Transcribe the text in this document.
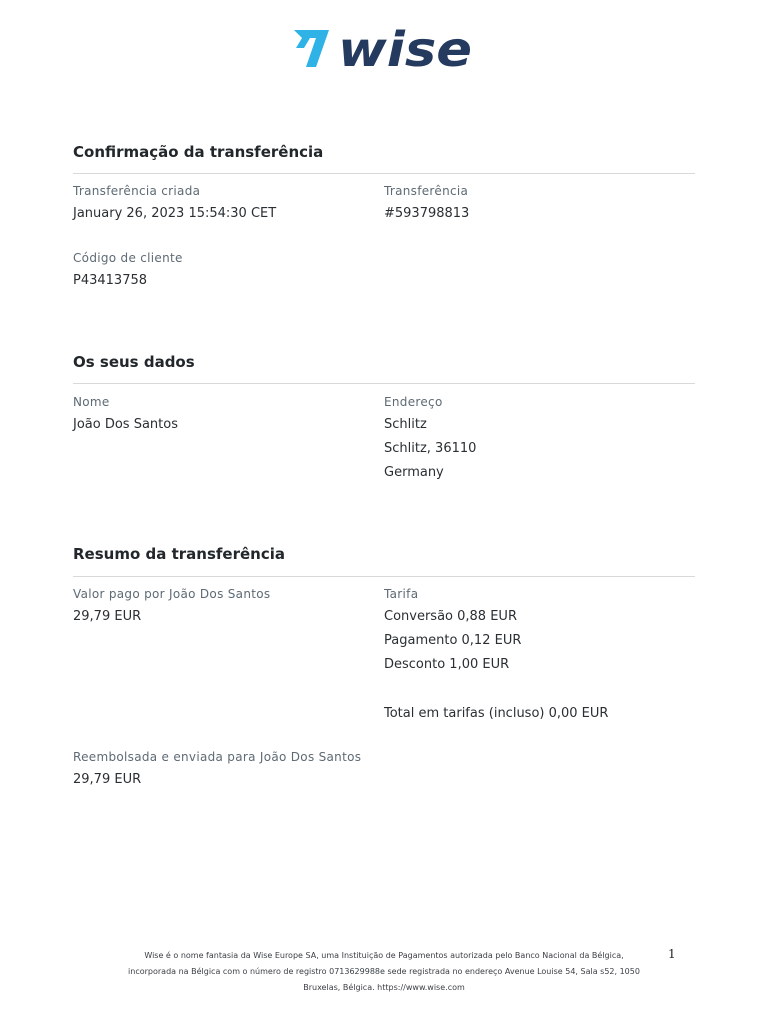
wise
Confirmação da transferência
Transferência criada
January 26, 2023 15:54:30 CET
Transferência
#593798813
Código de cliente
P43413758
Os seus dados
Nome
João Dos Santos
Endereço
Schlitz
Schlitz, 36110
Germany
Resumo da transferência
Valor pago por João Dos Santos
29,79 EUR
Tarifa
Conversão 0,88 EUR
Pagamento 0,12 EUR
Desconto 1,00 EUR
Total em tarifas (incluso) 0,00 EUR
Reembolsada e enviada para João Dos Santos
29,79 EUR
Wise é o nome fantasia da Wise Europe SA, uma Instituição de Pagamentos autorizada pelo Banco Nacional da Bélgica,
incorporada na Bélgica com o número de registro 0713629988e sede registrada no endereço Avenue Louise 54, Sala s52, 1050
Bruxelas, Bélgica. https://www.wise.com
1
